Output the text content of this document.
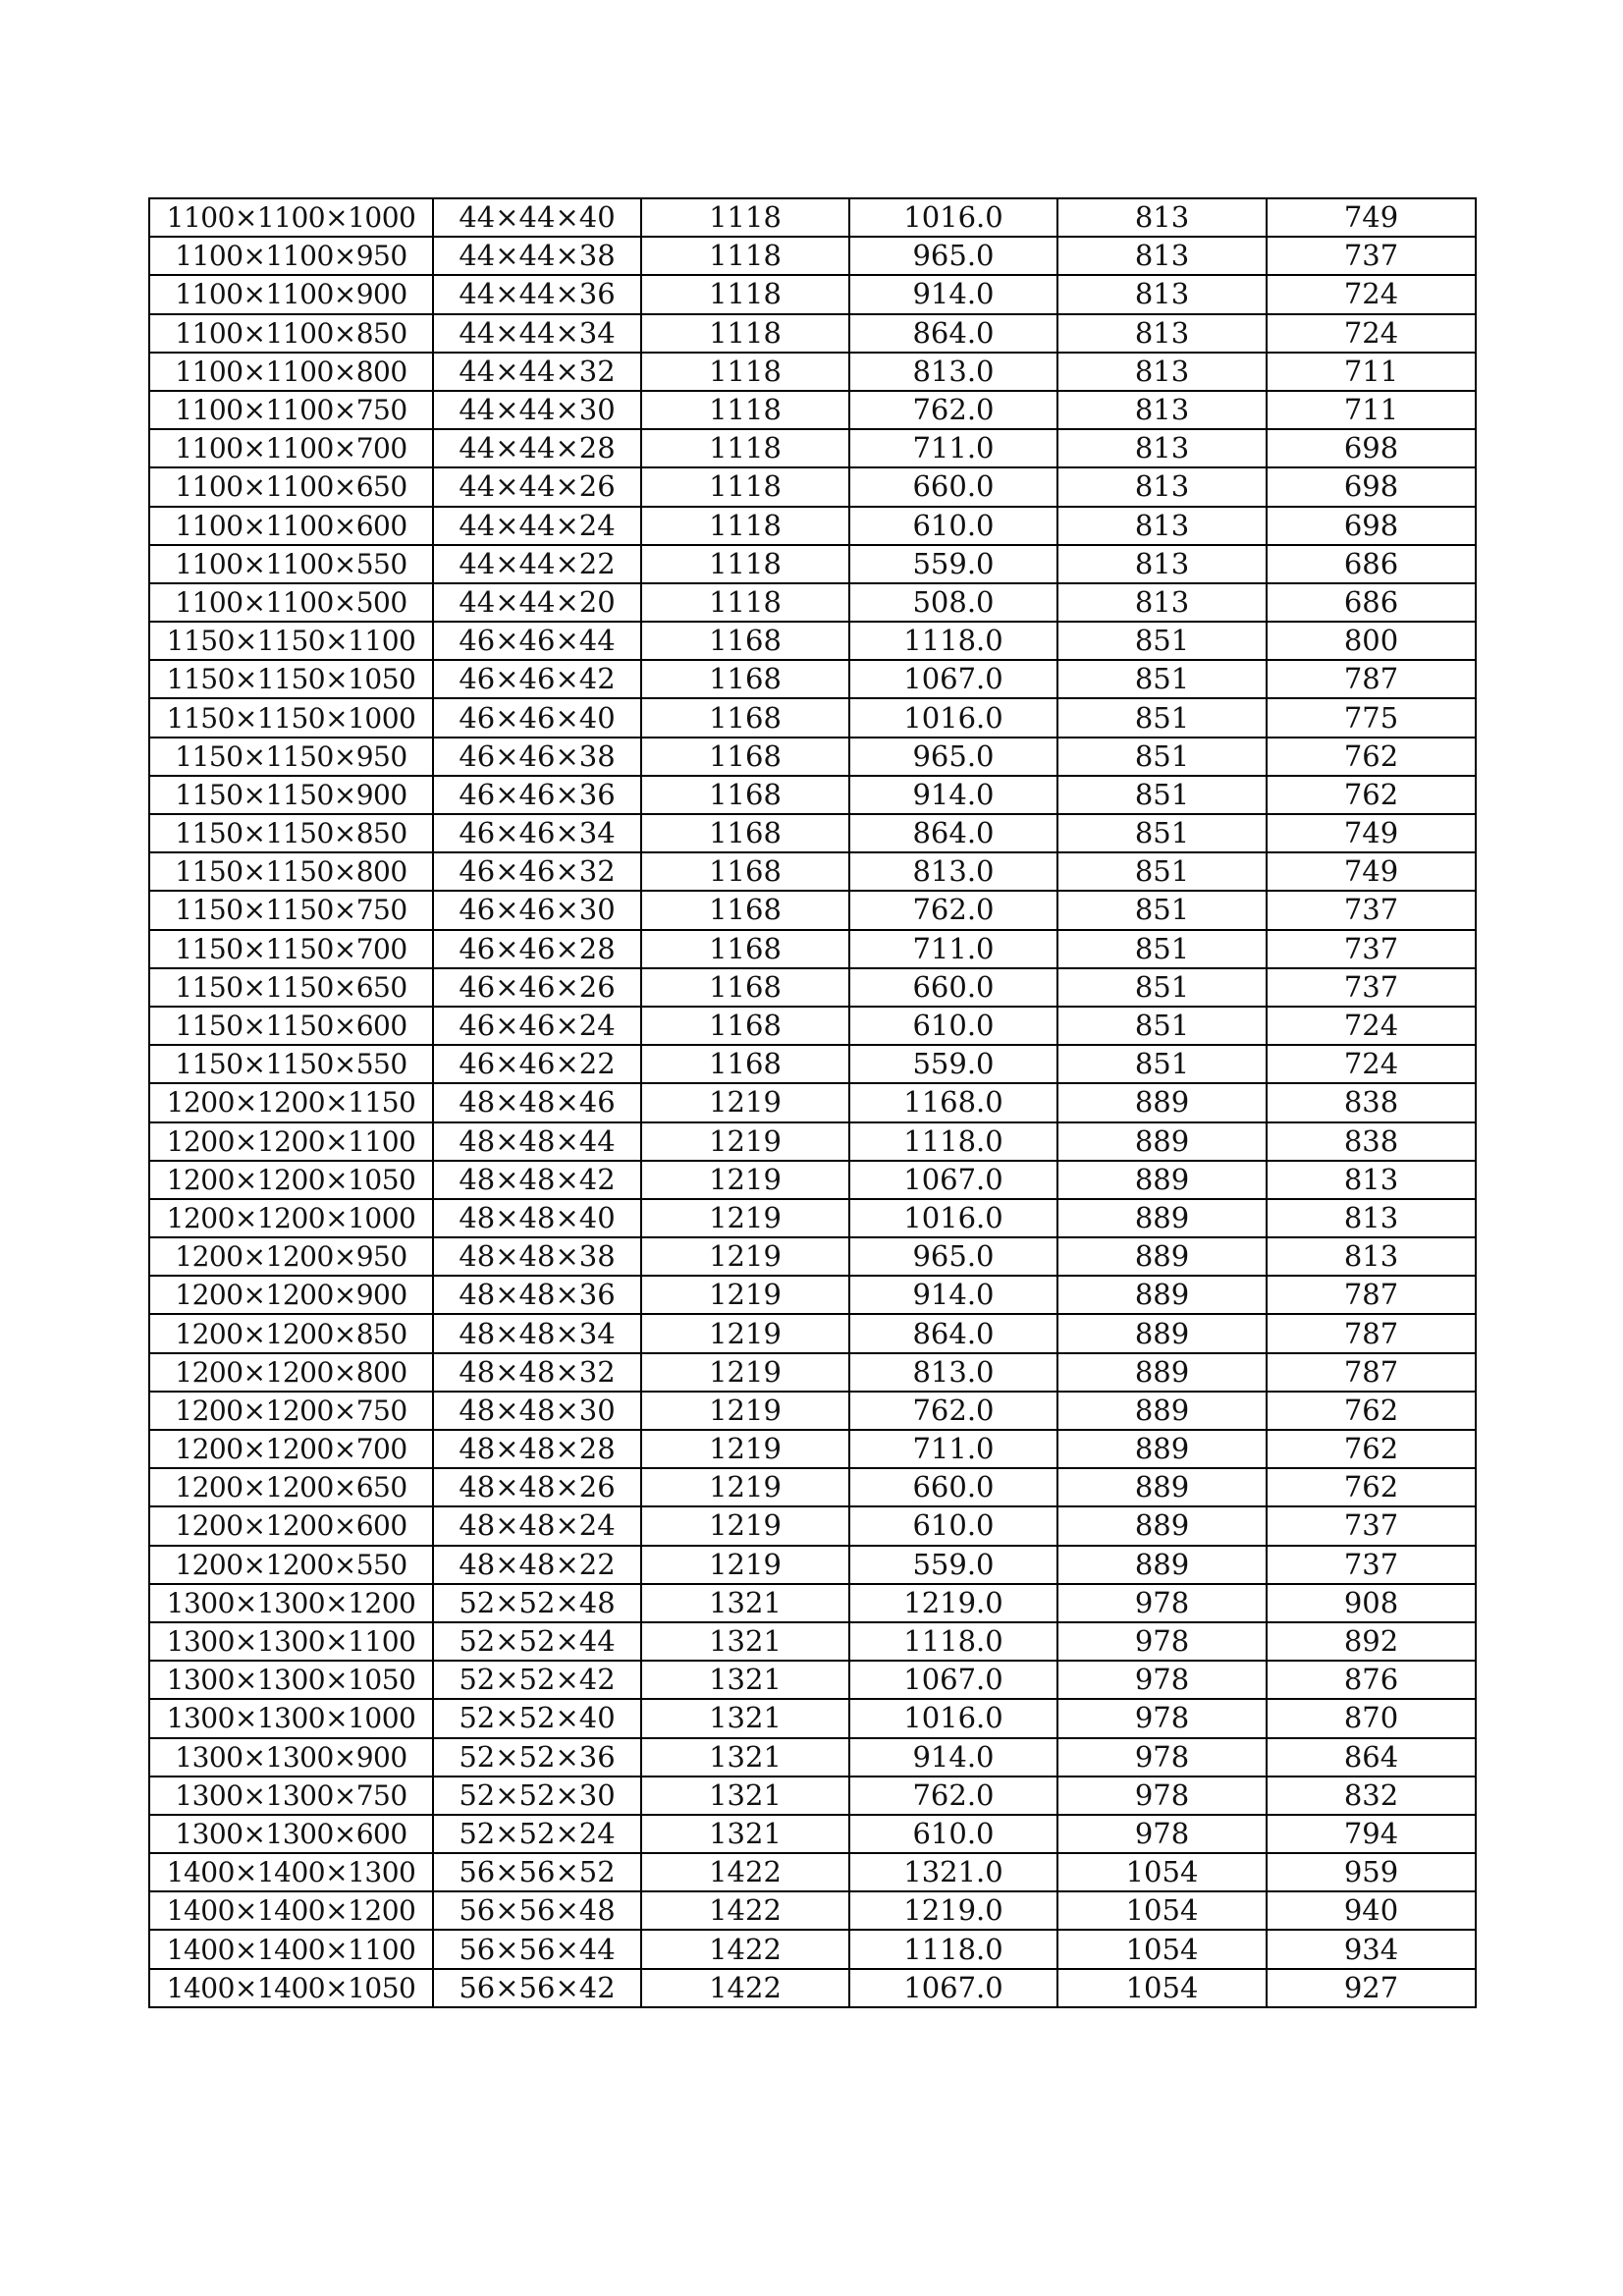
1100×1100×1000	44×44×40	1118	1016.0	813	749
1100×1100×950	44×44×38	1118	965.0	813	737
1100×1100×900	44×44×36	1118	914.0	813	724
1100×1100×850	44×44×34	1118	864.0	813	724
1100×1100×800	44×44×32	1118	813.0	813	711
1100×1100×750	44×44×30	1118	762.0	813	711
1100×1100×700	44×44×28	1118	711.0	813	698
1100×1100×650	44×44×26	1118	660.0	813	698
1100×1100×600	44×44×24	1118	610.0	813	698
1100×1100×550	44×44×22	1118	559.0	813	686
1100×1100×500	44×44×20	1118	508.0	813	686
1150×1150×1100	46×46×44	1168	1118.0	851	800
1150×1150×1050	46×46×42	1168	1067.0	851	787
1150×1150×1000	46×46×40	1168	1016.0	851	775
1150×1150×950	46×46×38	1168	965.0	851	762
1150×1150×900	46×46×36	1168	914.0	851	762
1150×1150×850	46×46×34	1168	864.0	851	749
1150×1150×800	46×46×32	1168	813.0	851	749
1150×1150×750	46×46×30	1168	762.0	851	737
1150×1150×700	46×46×28	1168	711.0	851	737
1150×1150×650	46×46×26	1168	660.0	851	737
1150×1150×600	46×46×24	1168	610.0	851	724
1150×1150×550	46×46×22	1168	559.0	851	724
1200×1200×1150	48×48×46	1219	1168.0	889	838
1200×1200×1100	48×48×44	1219	1118.0	889	838
1200×1200×1050	48×48×42	1219	1067.0	889	813
1200×1200×1000	48×48×40	1219	1016.0	889	813
1200×1200×950	48×48×38	1219	965.0	889	813
1200×1200×900	48×48×36	1219	914.0	889	787
1200×1200×850	48×48×34	1219	864.0	889	787
1200×1200×800	48×48×32	1219	813.0	889	787
1200×1200×750	48×48×30	1219	762.0	889	762
1200×1200×700	48×48×28	1219	711.0	889	762
1200×1200×650	48×48×26	1219	660.0	889	762
1200×1200×600	48×48×24	1219	610.0	889	737
1200×1200×550	48×48×22	1219	559.0	889	737
1300×1300×1200	52×52×48	1321	1219.0	978	908
1300×1300×1100	52×52×44	1321	1118.0	978	892
1300×1300×1050	52×52×42	1321	1067.0	978	876
1300×1300×1000	52×52×40	1321	1016.0	978	870
1300×1300×900	52×52×36	1321	914.0	978	864
1300×1300×750	52×52×30	1321	762.0	978	832
1300×1300×600	52×52×24	1321	610.0	978	794
1400×1400×1300	56×56×52	1422	1321.0	1054	959
1400×1400×1200	56×56×48	1422	1219.0	1054	940
1400×1400×1100	56×56×44	1422	1118.0	1054	934
1400×1400×1050	56×56×42	1422	1067.0	1054	927
